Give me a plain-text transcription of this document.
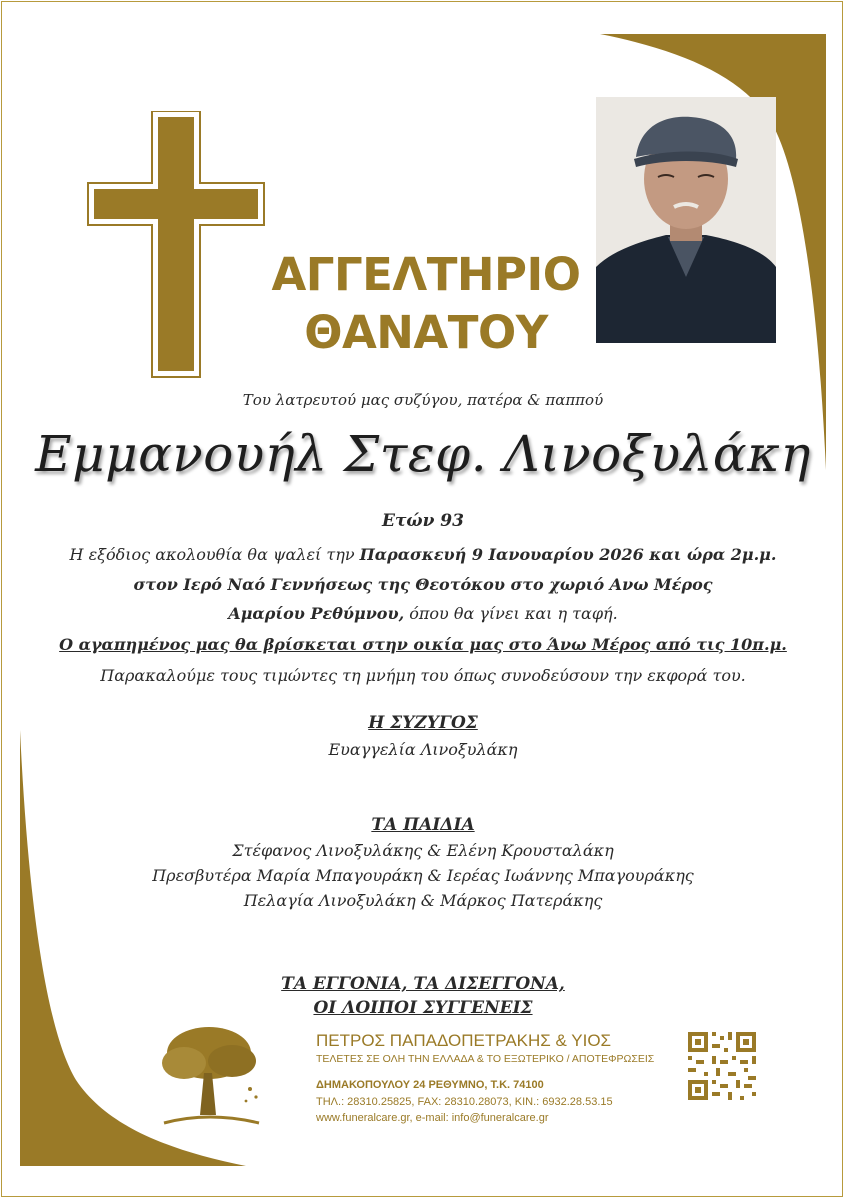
ΑΓΓΕΛΤΗΡΙΟ
ΘΑΝΑΤΟΥ
Του λατρευτού μας συζύγου, πατέρα & παππού
Εμμανουήλ Στεφ. Λινοξυλάκη
Ετών 93
Η εξόδιος ακολουθία θα ψαλεί την Παρασκευή 9 Ιανουαρίου 2026 και ώρα 2μ.μ.
στον Ιερό Ναό Γεννήσεως της Θεοτόκου στο χωριό Ανω Μέρος
Αμαρίου Ρεθύμνου, όπου θα γίνει και η ταφή.
Ο αγαπημένος μας θα βρίσκεται στην οικία μας στο Άνω Μέρος από τις 10π.μ.
Παρακαλούμε τους τιμώντες τη μνήμη του όπως συνοδεύσουν την εκφορά του.
Η ΣΥΖΥΓΟΣ
Ευαγγελία Λινοξυλάκη
ΤΑ ΠΑΙΔΙΑ
Στέφανος Λινοξυλάκης & Ελένη Κρουσταλάκη
Πρεσβυτέρα Μαρία Μπαγουράκη & Ιερέας Ιωάννης Μπαγουράκης
Πελαγία Λινοξυλάκη & Μάρκος Πατεράκης
ΤΑ ΕΓΓΟΝΙΑ, ΤΑ ΔΙΣΕΓΓΟΝΑ,
ΟΙ ΛΟΙΠΟΙ ΣΥΓΓΕΝΕΙΣ
ΠΕΤΡΟΣ ΠΑΠΑΔΟΠΕΤΡΑΚΗΣ & ΥΙΟΣ
ΤΕΛΕΤΕΣ ΣΕ ΟΛΗ ΤΗΝ ΕΛΛΑΔΑ & ΤΟ ΕΞΩΤΕΡΙΚΟ / ΑΠΟΤΕΦΡΩΣΕΙΣ
ΔΗΜΑΚΟΠΟΥΛΟΥ 24 ΡΕΘΥΜΝΟ, Τ.Κ. 74100
ΤΗΛ.: 28310.25825, FAX: 28310.28073, ΚΙΝ.: 6932.28.53.15
www.funeralcare.gr, e-mail: info@funeralcare.gr
